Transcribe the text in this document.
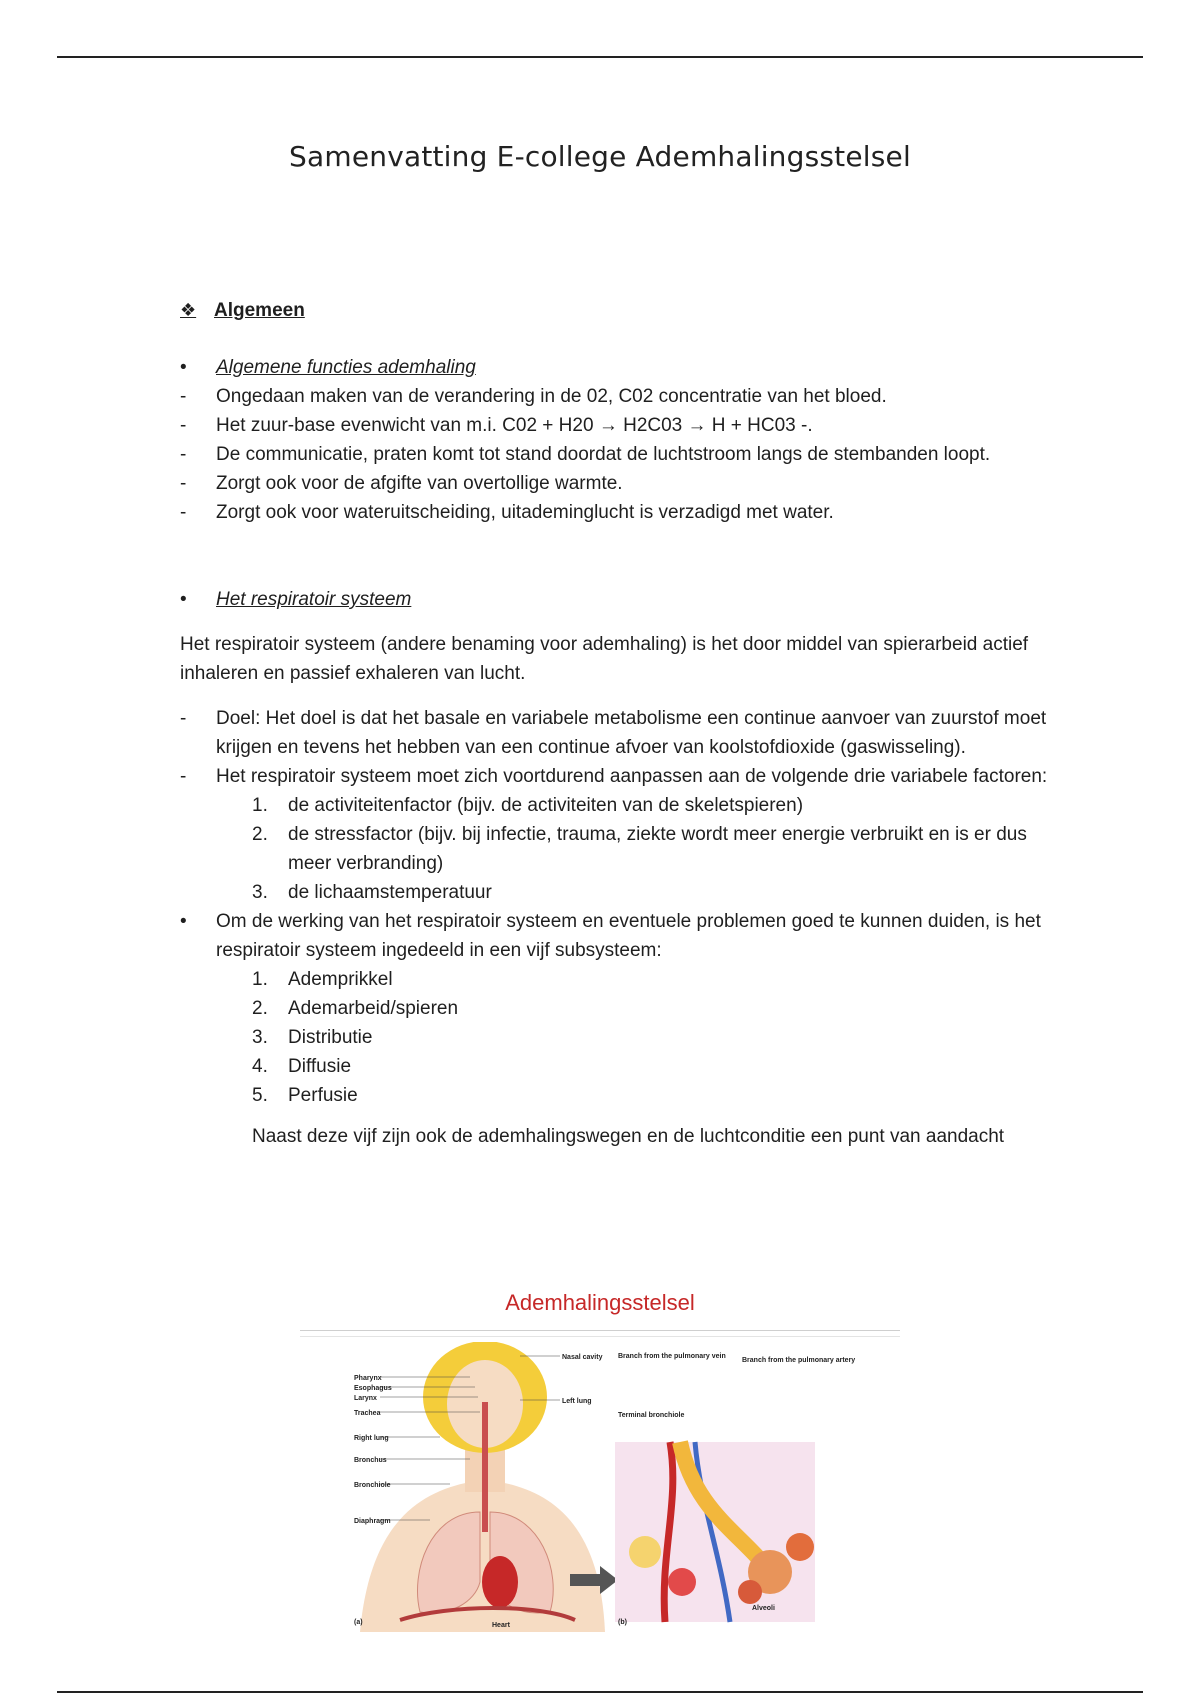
Samenvatting E-college Ademhalingsstelsel
❖ Algemeen
•	Algemene functies ademhaling
-	Ongedaan maken van de verandering in de 02, C02 concentratie van het bloed.
-	Het zuur-base evenwicht van m.i. C02 + H20 → H2C03 → H + HC03 -.
-	De communicatie, praten komt tot stand doordat de luchtstroom langs de stembanden loopt.
-	Zorgt ook voor de afgifte van overtollige warmte.
-	Zorgt ook voor wateruitscheiding, uitademinglucht is verzadigd met water.
•	Het respiratoir systeem

Het respiratoir systeem (andere benaming voor ademhaling) is het door middel van spierarbeid actief inhaleren en passief exhaleren van lucht.

-	Doel: Het doel is dat het basale en variabele metabolisme een continue aanvoer van zuurstof moet krijgen en tevens het hebben van een continue afvoer van koolstofdioxide (gaswisseling).
-	Het respiratoir systeem moet zich voortdurend aanpassen aan de volgende drie variabele factoren:
1.	de activiteitenfactor (bijv. de activiteiten van de skeletspieren)
2.	de stressfactor (bijv. bij infectie, trauma, ziekte wordt meer energie verbruikt en is er dus meer verbranding)
3.	de lichaamstemperatuur
•	Om de werking van het respiratoir systeem en eventuele problemen goed te kunnen duiden, is het respiratoir systeem ingedeeld in een vijf subsysteem:
1.	Ademprikkel
2.	Ademarbeid/spieren
3.	Distributie
4.	Diffusie
5.	Perfusie

Naast deze vijf zijn ook de ademhalingswegen en de luchtconditie een punt van aandacht

Ademhalingsstelsel
Pharynx
Esophagus
Larynx
Trachea
Right lung
Bronchus
Bronchiole
Diaphragm
Nasal cavity
Left lung
Heart
Branch from the pulmonary vein
Branch from the pulmonary artery
Terminal bronchiole
Alveoli
(a)	(b)
